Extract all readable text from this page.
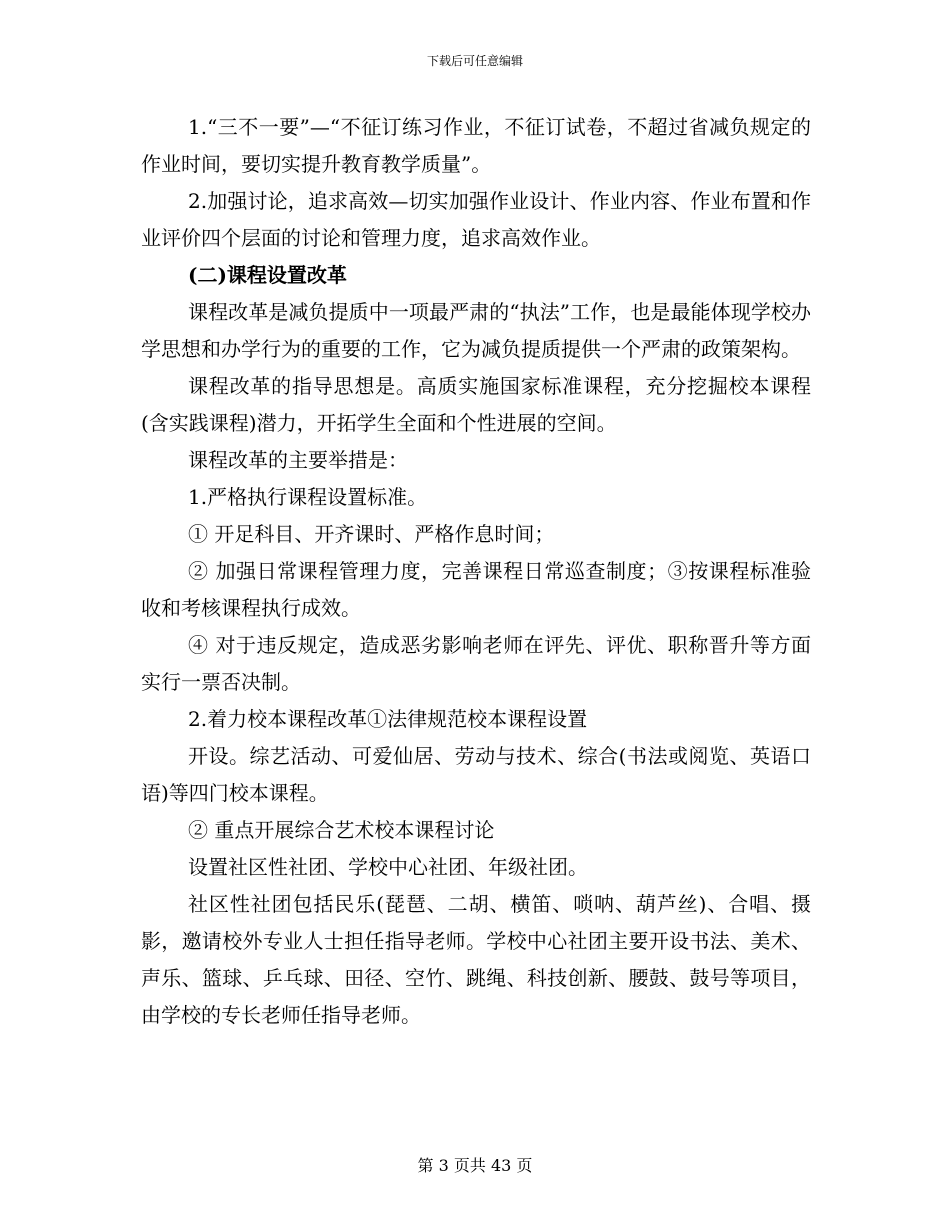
下载后可任意编辑

1.“三不一要”—“不征订练习作业，不征订试卷，不超过省减负规定的作业时间，要切实提升教育教学质量”。

2.加强讨论，追求高效—切实加强作业设计、作业内容、作业布置和作业评价四个层面的讨论和管理力度，追求高效作业。

(二)课程设置改革

课程改革是减负提质中一项最严肃的“执法”工作，也是最能体现学校办学思想和办学行为的重要的工作，它为减负提质提供一个严肃的政策架构。

课程改革的指导思想是。高质实施国家标准课程，充分挖掘校本课程(含实践课程)潜力，开拓学生全面和个性进展的空间。

课程改革的主要举措是：

1.严格执行课程设置标准。

① 开足科目、开齐课时、严格作息时间；

② 加强日常课程管理力度，完善课程日常巡查制度；③按课程标准验收和考核课程执行成效。

④ 对于违反规定，造成恶劣影响老师在评先、评优、职称晋升等方面实行一票否决制。

2.着力校本课程改革①法律规范校本课程设置

开设。综艺活动、可爱仙居、劳动与技术、综合(书法或阅览、英语口语)等四门校本课程。

② 重点开展综合艺术校本课程讨论

设置社区性社团、学校中心社团、年级社团。

社区性社团包括民乐(琵琶、二胡、横笛、唢呐、葫芦丝)、合唱、摄影，邀请校外专业人士担任指导老师。学校中心社团主要开设书法、美术、声乐、篮球、乒乓球、田径、空竹、跳绳、科技创新、腰鼓、鼓号等项目，由学校的专长老师任指导老师。

第 3 页共 43 页
